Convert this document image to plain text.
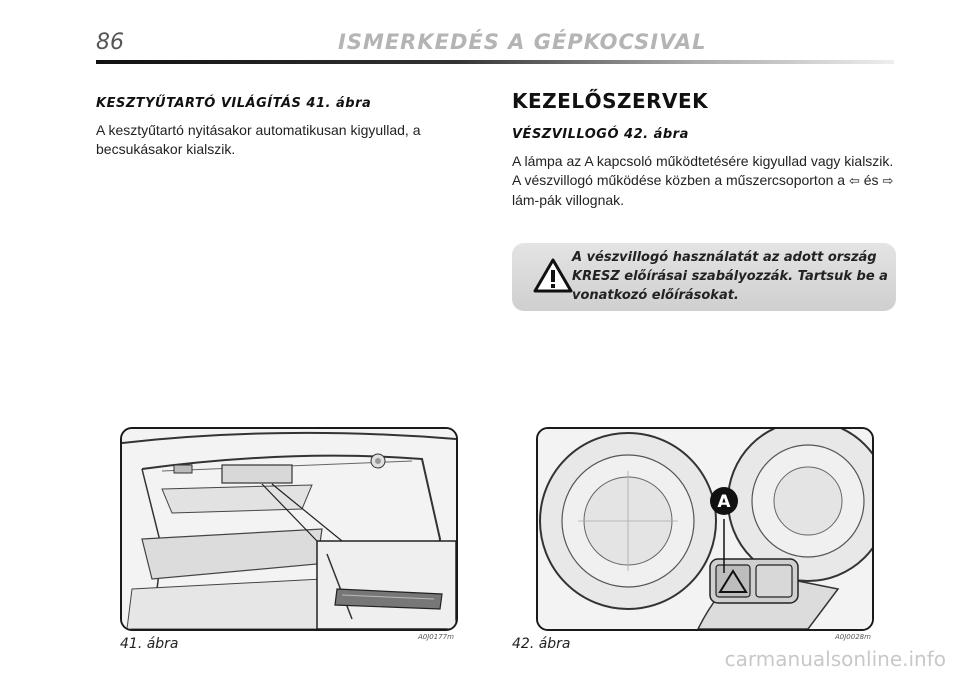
86	ISMERKEDÉS A GÉPKOCSIVAL
KESZTYŰTARTÓ VILÁGÍTÁS 41. ábra

A kesztyűtartó nyitásakor automatikusan kigyullad, a becsukásakor kialszik.

KEZELŐSZERVEK
VÉSZVILLOGÓ 42. ábra

A lámpa az A kapcsoló működtetésére kigyullad vagy kialszik.
A vészvillogó működése közben a műszercsoporton a ⇦ és ⇨ lám-pák villognak.

A vészvillogó használatát az adott ország KRESZ előírásai szabályozzák. Tartsuk be a vonatkozó előírásokat.
A
41. ábra	A0J0177m	42. ábra	A0J0028m
carmanualsonline.info
